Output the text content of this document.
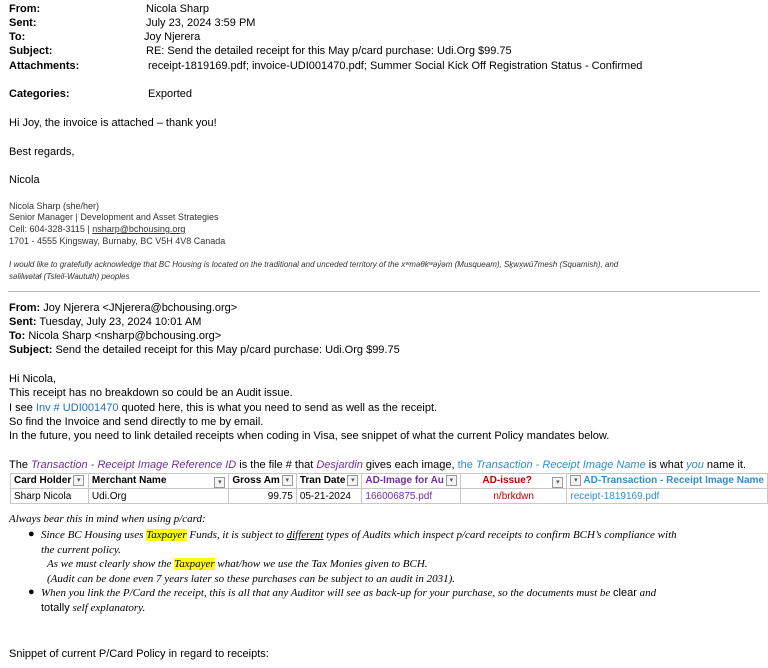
From:	Nicola Sharp
Sent:	July 23, 2024 3:59 PM
To:	Joy Njerera
Subject:	RE: Send the detailed receipt for this May p/card purchase: Udi.Org $99.75
Attachments:	receipt-1819169.pdf; invoice-UDI001470.pdf; Summer Social Kick Off Registration Status - Confirmed
Categories:	Exported
Hi Joy, the invoice is attached – thank you!
Best regards,
Nicola
Nicola Sharp (she/her)
Senior Manager | Development and Asset Strategies
Cell: 604-328-3115 | nsharp@bchousing.org
1701 - 4555 Kingsway, Burnaby, BC V5H 4V8 Canada
I would like to gratefully acknowledge that BC Housing is located on the traditional and unceded territory of the xʷməθkʷəy̓əm (Musqueam), Sḵwx̱wú7mesh (Squamish), and
səlilwətaɬ (Tsleil-Waututh) peoples
From: Joy Njerera <JNjerera@bchousing.org>
Sent: Tuesday, July 23, 2024 10:01 AM
To: Nicola Sharp <nsharp@bchousing.org>
Subject: Send the detailed receipt for this May p/card purchase: Udi.Org $99.75
Hi Nicola,
This receipt has no breakdown so could be an Audit issue.
I see Inv # UDI001470 quoted here, this is what you need to send as well as the receipt.
So find the Invoice and send directly to me by email.
In the future, you need to link detailed receipts when coding in Visa, see snippet of what the current Policy mandates below.
The Transaction - Receipt Image Reference ID is the file # that Desjardin gives each image, the Transaction - Receipt Image Name is what you name it.
Card Holder ▾	Merchant Name ▾	Gross Am ▾	Tran Date ▾	AD-Image for Au ▾	AD-issue? ▾	▾ AD-Transaction - Receipt Image Name
Sharp Nicola	Udi.Org	99.75	05-21-2024	166006875.pdf	n/brkdwn	receipt-1819169.pdf
Always bear this in mind when using p/card:
● Since BC Housing uses Taxpayer Funds, it is subject to different types of Audits which inspect p/card receipts to confirm BCH’s compliance with
the current policy.
As we must clearly show the Taxpayer what/how we use the Tax Monies given to BCH.
(Audit can be done even 7 years later so these purchases can be subject to an audit in 2031).
● When you link the P/Card the receipt, this is all that any Auditor will see as back-up for your purchase, so the documents must be clear and
totally self explanatory.
Snippet of current P/Card Policy in regard to receipts:
